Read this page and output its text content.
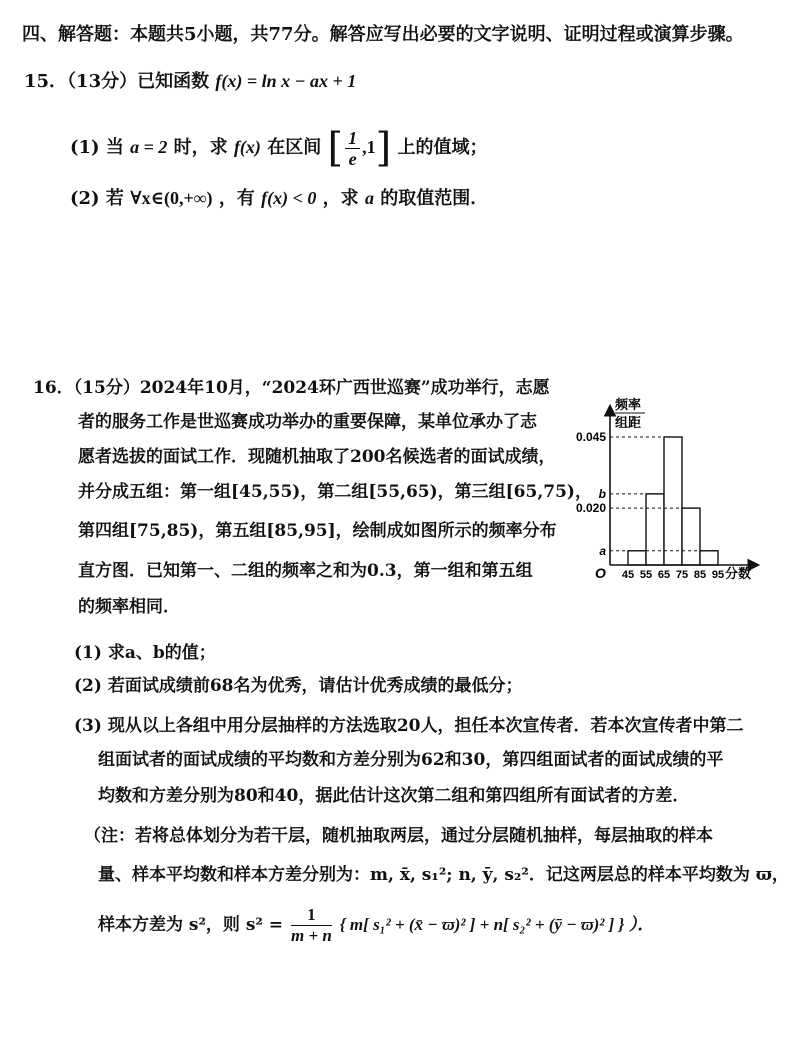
四、解答题：本题共5小题，共77分。解答应写出必要的文字说明、证明过程或演算步骤。
15．（13分）已知函数 f(x) = ln x − ax + 1
(1) 当 a = 2 时，求 f(x) 在区间 [ $\frac{1}{e} ,1$] 上的值域；
(2) 若 ∀x∈(0,+∞) ，有 f(x) < 0 ，求 a 的取值范围．
16．（15分）2024年10月，“2024环广西世巡赛”成功举行，志愿
者的服务工作是世巡赛成功举办的重要保障，某单位承办了志
愿者选拔的面试工作．现随机抽取了200名候选者的面试成绩，
并分成五组：第一组[45,55)，第二组[55,65)，第三组[65,75)，
第四组[75,85)，第五组[85,95]，绘制成如图所示的频率分布
直方图．已知第一、二组的频率之和为0.3，第一组和第五组
的频率相同．
频率
组距
O	分数
45 55 65 75 85 95
0.045
b
0.020
a
(1) 求a、b的值；
(2) 若面试成绩前68名为优秀，请估计优秀成绩的最低分；
(3) 现从以上各组中用分层抽样的方法选取20人，担任本次宣传者．若本次宣传者中第二
组面试者的面试成绩的平均数和方差分别为62和30，第四组面试者的面试成绩的平
均数和方差分别为80和40，据此估计这次第二组和第四组所有面试者的方差．
（注：若将总体划分为若干层，随机抽取两层，通过分层随机抽样，每层抽取的样本
量、样本平均数和样本方差分别为：m, x̄, s₁²; n, ȳ, s₂²．记这两层总的样本平均数为 ϖ，
样本方差为 s²，则 $s^2 = \frac{1}{m + n}$ { m[ s₁² + (x̄ − ϖ)² ] + n[ s₂² + (ȳ − ϖ)² ] } ）．
